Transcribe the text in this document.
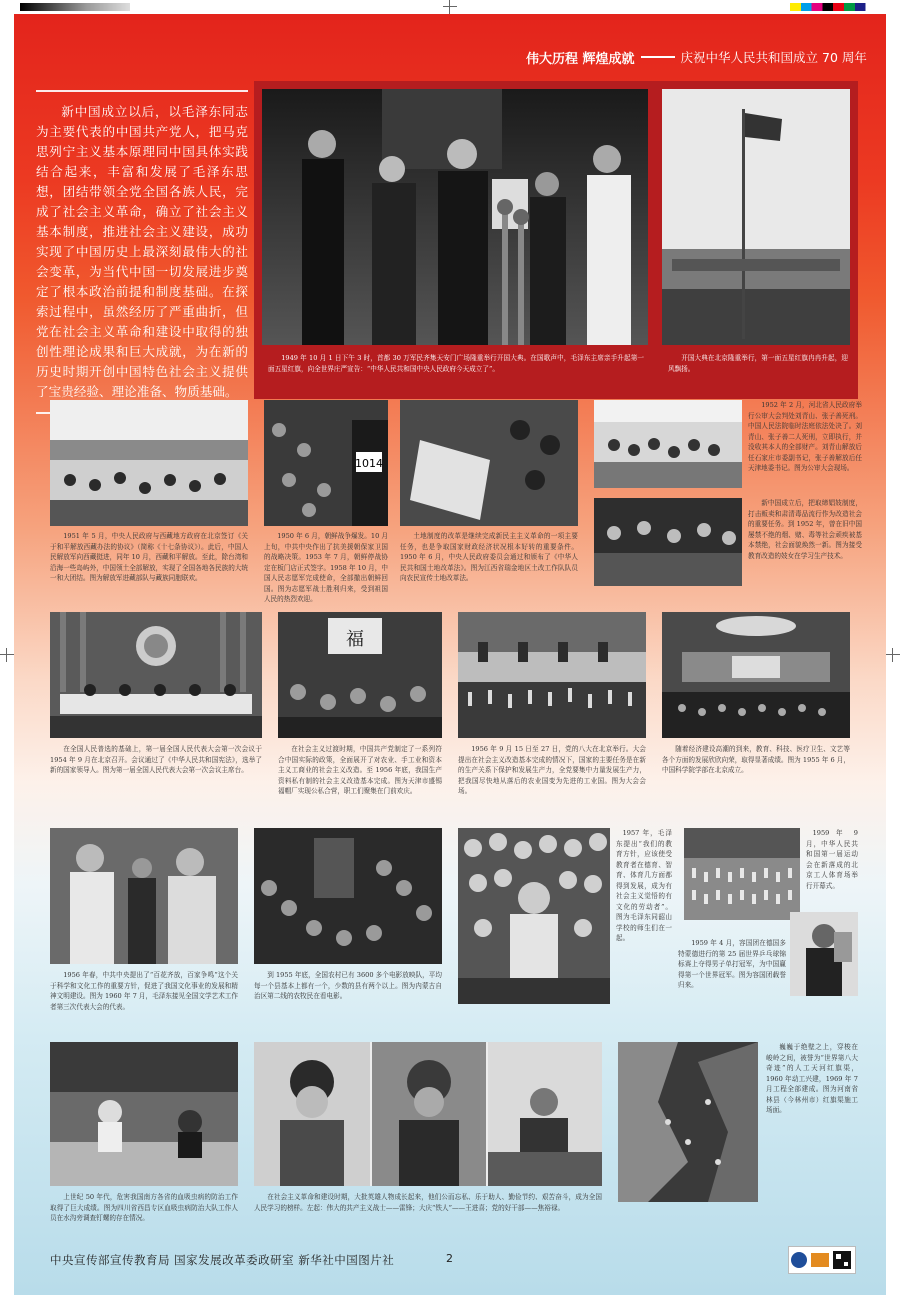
伟大历程 辉煌成就	庆祝中华人民共和国成立 70 周年

新中国成立以后，以毛泽东同志为主要代表的中国共产党人，把马克思列宁主义基本原理同中国具体实践结合起来，丰富和发展了毛泽东思想，团结带领全党全国各族人民，完成了社会主义革命，确立了社会主义基本制度，推进社会主义建设，成功实现了中国历史上最深刻最伟大的社会变革，为当代中国一切发展进步奠定了根本政治前提和制度基础。在探索过程中，虽然经历了严重曲折，但党在社会主义革命和建设中取得的独创性理论成果和巨大成就，为在新的历史时期开创中国特色社会主义提供了宝贵经验、理论准备、物质基础。

1949 年 10 月 1 日下午 3 时，首都 30 万军民齐集天安门广场隆重举行开国大典。在国歌声中，毛泽东主席亲手升起第一面五星红旗，向全世界庄严宣告：“中华人民共和国中央人民政府今天成立了”。
开国大典在北京隆重举行，第一面五星红旗冉冉升起，迎风飘扬。
1951 年 5 月，中央人民政府与西藏地方政府在北京签订《关于和平解放西藏办法的协议》（简称《十七条协议》）。此后，中国人民解放军向西藏挺进，同年 10 月，西藏和平解放。至此，除台湾和沿海一些岛屿外，中国领土全部解放，实现了全国各地各民族的大统一和大团结。图为解放军进藏部队与藏族同胞联欢。
1014
1950 年 6 月，朝鲜战争爆发。10 月上旬，中共中央作出了抗美援朝保家卫国的战略决策。1953 年 7 月，朝鲜停战协定在板门店正式签字。1958 年 10 月，中国人民志愿军完成使命，全部撤出朝鲜回国。图为志愿军战士胜利归来，受到祖国人民的热烈欢迎。
土地制度的改革是继续完成新民主主义革命的一项主要任务，也是争取国家财政经济状况根本好转的重要条件。1950 年 6 月，中央人民政府委员会通过和颁布了《中华人民共和国土地改革法》。图为江西省瑞金地区土改工作队队员向农民宣传土地改革法。
1952 年 2 月，河北省人民政府举行公审大会判处刘青山、张子善死刑。中国人民法院临时法庭依法处决了。刘青山、张子善二人死刑，立即执行，并没收其本人的全部财产。刘青山解放后任石家庄市委副书记，张子善解放后任天津地委书记。图为公审大会现场。
新中国成立后，把取缔娼妓制度，打击贩卖和肃清毒品流行作为改造社会的重要任务。到 1952 年，曾在旧中国屡禁不绝的烟、赌、毒等社会顽疾被基本禁绝，社会面貌焕然一新。图为接受教育改造的妓女在学习生产技术。
在全国人民普选的基础上，第一届全国人民代表大会第一次会议于 1954 年 9 月在北京召开。会议通过了《中华人民共和国宪法》，选举了新的国家领导人。图为第一届全国人民代表大会第一次会议主席台。
福
在社会主义过渡时期，中国共产党制定了一系列符合中国实际的政策，全面展开了对农业、手工业和资本主义工商业的社会主义改造。至 1956 年底，我国生产资料私有制的社会主义改造基本完成。图为天津市盛锡福帽厂实现公私合营，职工们聚集在门前欢庆。
1956 年 9 月 15 日至 27 日，党的八大在北京举行。大会提出在社会主义改造基本完成的情况下，国家的主要任务是在新的生产关系下保护和发展生产力，全党要集中力量发展生产力，把我国尽快地从落后的农业国变为先进的工业国。图为大会会场。
随着经济建设高潮的到来，教育、科技、医疗卫生、文艺等各个方面的发展欣欣向荣，取得显著成绩。图为 1955 年 6 月，中国科学院学部在北京成立。
1956 年春，中共中央提出了“百花齐放，百家争鸣”这个关于科学和文化工作的重要方针，促进了我国文化事业的发展和精神文明建设。图为 1960 年 7 月，毛泽东接见全国文学艺术工作者第三次代表大会的代表。
到 1955 年底，全国农村已有 3600 多个电影放映队，平均每一个县基本上都有一个，少数的县有两个以上。图为内蒙古自治区第二线的农牧民在看电影。
1957 年，毛泽东提出“我们的教育方针，应该使受教育者在德育、智育、体育几方面都得到发展，成为有社会主义觉悟的有文化的劳动者”。图为毛泽东同韶山学校的师生们在一起。
1959 年 9 月，中华人民共和国第一届运动会在新落成的北京工人体育场举行开幕式。
1959 年 4 月，容国团在德国多特蒙德进行的第 25 届世界乒乓球锦标赛上夺得男子单打冠军，为中国赢得第一个世界冠军。图为容国团载誉归来。
上世纪 50 年代，危害我国南方各省的血吸虫病的防治工作取得了巨大成绩。图为四川省西昌专区血吸虫病防治大队工作人员在水沟旁调查钉螺的存在情况。
在社会主义革命和建设时期，大批英雄人物成长起来，他们公而忘私、乐于助人、勤俭节约、艰苦奋斗，成为全国人民学习的榜样。左起：伟大的共产主义战士——雷锋；大庆“铁人”——王进喜；党的好干部——焦裕禄。
巍巍于绝壁之上，穿梭在峻岭之间，被誉为“世界第八大奇迹”的人工天河红旗渠，1960 年动工兴建，1969 年 7 月工程全部建成。图为河南省林县（今林州市）红旗渠施工场面。
中央宣传部宣传教育局 国家发展改革委政研室 新华社中国图片社	2
